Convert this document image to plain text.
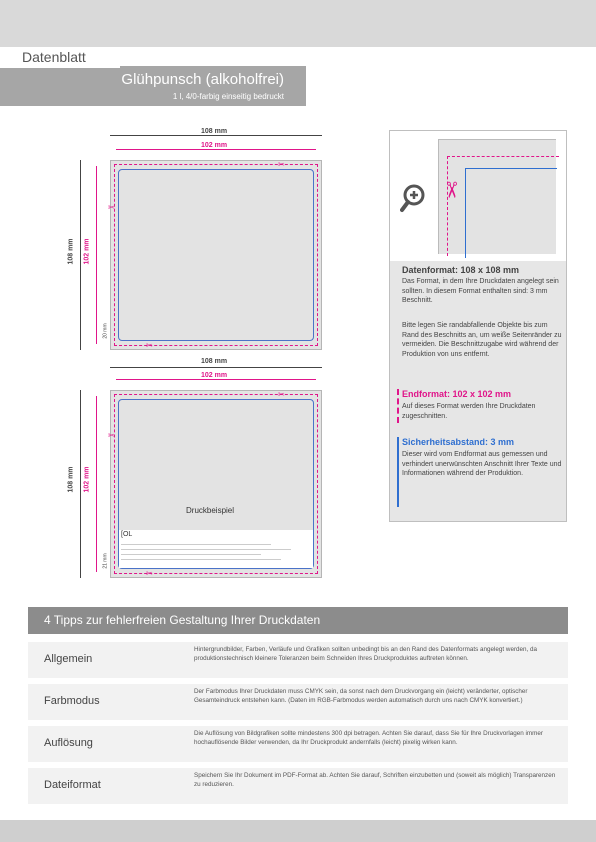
Datenblatt
Glühpunsch (alkoholfrei)
1 l, 4/0-farbig einseitig bedruckt
108 mm
102 mm
108 mm 102 mm
20 mm
✂
✂
✂
108 mm
102 mm
108 mm 102 mm
21 mm
[OL
Druckbeispiel
✂
✂
✂
✂
Datenformat: 108 x 108 mm
Das Format, in dem Ihre Druckdaten angelegt sein sollten. In diesem Format enthalten sind: 3 mm Beschnitt.
Bitte legen Sie randabfallende Objekte bis zum Rand des Beschnitts an, um weiße Seitenränder zu vermeiden. Die Beschnittzugabe wird während der Produktion von uns entfernt.
Endformat: 102 x 102 mm
Auf dieses Format werden Ihre Druckdaten zugeschnitten.
Sicherheitsabstand: 3 mm
Dieser wird vom Endformat aus gemessen und verhindert unerwünschten Anschnitt Ihrer Texte und Informationen während der Produktion.
4 Tipps zur fehlerfreien Gestaltung Ihrer Druckdaten
Allgemein
Hintergrundbilder, Farben, Verläufe und Grafiken sollten unbedingt bis an den Rand des Datenformats angelegt werden, da produktionstechnisch kleinere Toleranzen beim Schneiden Ihres Druckproduktes auftreten können.
Farbmodus
Der Farbmodus Ihrer Druckdaten muss CMYK sein, da sonst nach dem Druckvorgang ein (leicht) veränderter, optischer Gesamteindruck entstehen kann. (Daten im RGB-Farbmodus werden automatisch durch uns nach CMYK konvertiert.)
Auflösung
Die Auflösung von Bildgrafiken sollte mindestens 300 dpi betragen. Achten Sie darauf, dass Sie für Ihre Druckvorlagen immer hochauflösende Bilder verwenden, da Ihr Druckprodukt andernfalls (leicht) pixelig wirken kann.
Dateiformat
Speichern Sie Ihr Dokument im PDF-Format ab. Achten Sie darauf, Schriften einzubetten und (soweit als möglich) Transparenzen zu reduzieren.
